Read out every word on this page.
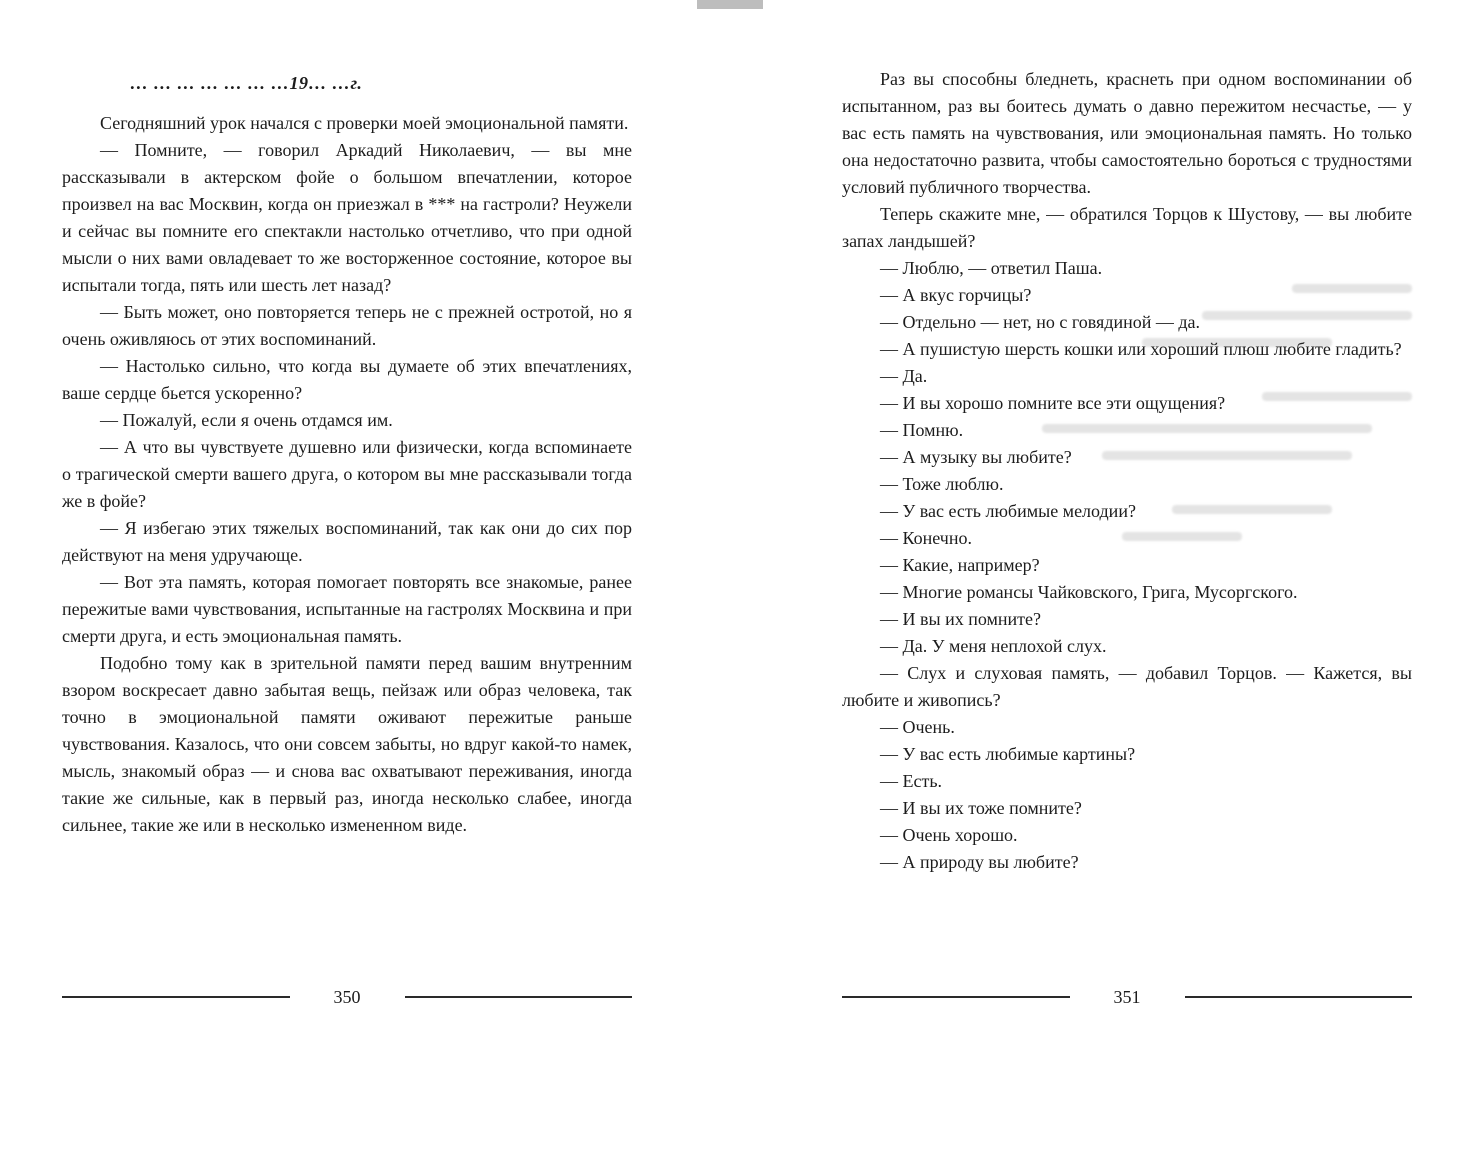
… … … … … … …19… …г.

Сегодняшний урок начался с проверки моей эмоциональной памяти.

— Помните, — говорил Аркадий Николаевич, — вы мне рассказывали в актерском фойе о большом впечатлении, которое произвел на вас Москвин, когда он приезжал в *** на гастроли? Неужели и сейчас вы помните его спектакли настолько отчетливо, что при одной мысли о них вами овладевает то же восторженное состояние, которое вы испытали тогда, пять или шесть лет назад?

— Быть может, оно повторяется теперь не с прежней остротой, но я очень оживляюсь от этих воспоминаний.

— Настолько сильно, что когда вы думаете об этих впечатлениях, ваше сердце бьется ускоренно?

— Пожалуй, если я очень отдамся им.

— А что вы чувствуете душевно или физически, когда вспоминаете о трагической смерти вашего друга, о котором вы мне рассказывали тогда же в фойе?

— Я избегаю этих тяжелых воспоминаний, так как они до сих пор действуют на меня удручающе.

— Вот эта память, которая помогает повторять все знакомые, ранее пережитые вами чувствования, испытанные на гастролях Москвина и при смерти друга, и есть эмоциональная память.

Подобно тому как в зрительной памяти перед вашим внутренним взором воскресает давно забытая вещь, пейзаж или образ человека, так точно в эмоциональной памяти оживают пережитые раньше чувствования. Казалось, что они совсем забыты, но вдруг какой-то намек, мысль, знакомый образ — и снова вас охватывают переживания, иногда такие же сильные, как в первый раз, иногда несколько слабее, иногда сильнее, такие же или в несколько измененном виде.

350

Раз вы способны бледнеть, краснеть при одном воспоминании об испытанном, раз вы боитесь думать о давно пережитом несчастье, — у вас есть память на чувствования, или эмоциональная память. Но только она недостаточно развита, чтобы самостоятельно бороться с трудностями условий публичного творчества.

Теперь скажите мне, — обратился Торцов к Шустову, — вы любите запах ландышей?

— Люблю, — ответил Паша.

— А вкус горчицы?

— Отдельно — нет, но с говядиной — да.

— А пушистую шерсть кошки или хороший плюш любите гладить?

— Да.

— И вы хорошо помните все эти ощущения?

— Помню.

— А музыку вы любите?

— Тоже люблю.

— У вас есть любимые мелодии?

— Конечно.

— Какие, например?

— Многие романсы Чайковского, Грига, Мусоргского.

— И вы их помните?

— Да. У меня неплохой слух.

— Слух и слуховая память, — добавил Торцов. — Кажется, вы любите и живопись?

— Очень.

— У вас есть любимые картины?

— Есть.

— И вы их тоже помните?

— Очень хорошо.

— А природу вы любите?

351
